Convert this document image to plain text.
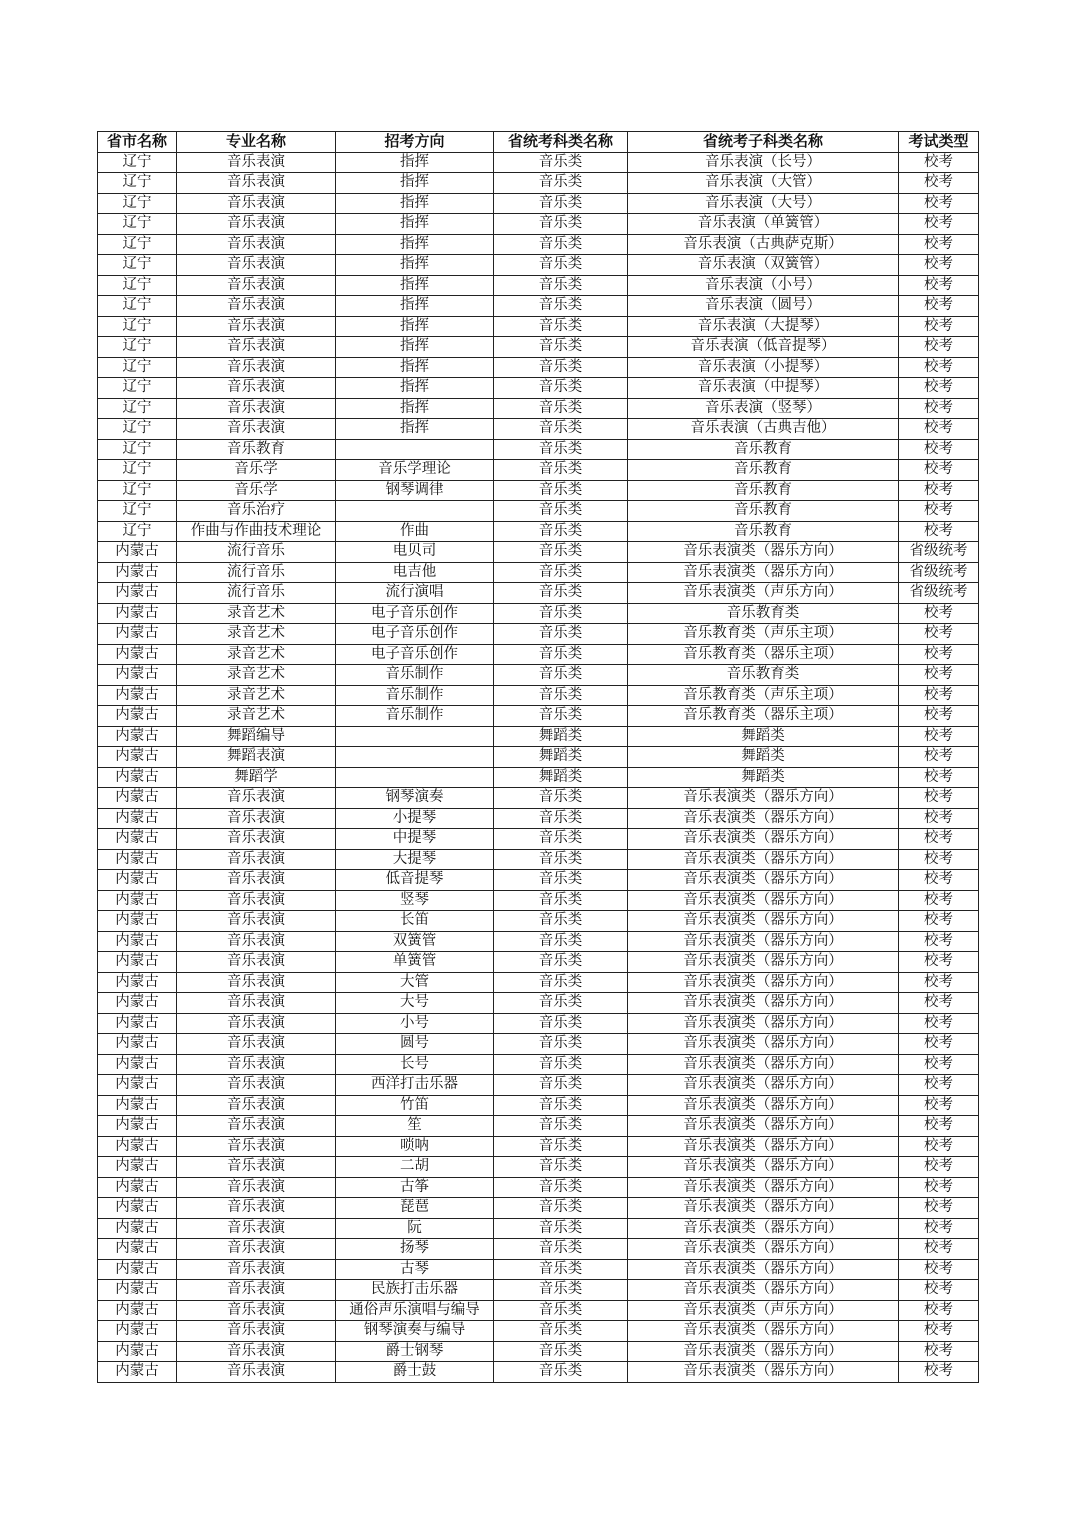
省市名称	专业名称	招考方向	省统考科类名称	省统考子科类名称	考试类型
辽宁	音乐表演	指挥	音乐类	音乐表演（长号）	校考
辽宁	音乐表演	指挥	音乐类	音乐表演（大管）	校考
辽宁	音乐表演	指挥	音乐类	音乐表演（大号）	校考
辽宁	音乐表演	指挥	音乐类	音乐表演（单簧管）	校考
辽宁	音乐表演	指挥	音乐类	音乐表演（古典萨克斯）	校考
辽宁	音乐表演	指挥	音乐类	音乐表演（双簧管）	校考
辽宁	音乐表演	指挥	音乐类	音乐表演（小号）	校考
辽宁	音乐表演	指挥	音乐类	音乐表演（圆号）	校考
辽宁	音乐表演	指挥	音乐类	音乐表演（大提琴）	校考
辽宁	音乐表演	指挥	音乐类	音乐表演（低音提琴）	校考
辽宁	音乐表演	指挥	音乐类	音乐表演（小提琴）	校考
辽宁	音乐表演	指挥	音乐类	音乐表演（中提琴）	校考
辽宁	音乐表演	指挥	音乐类	音乐表演（竖琴）	校考
辽宁	音乐表演	指挥	音乐类	音乐表演（古典吉他）	校考
辽宁	音乐教育		音乐类	音乐教育	校考
辽宁	音乐学	音乐学理论	音乐类	音乐教育	校考
辽宁	音乐学	钢琴调律	音乐类	音乐教育	校考
辽宁	音乐治疗		音乐类	音乐教育	校考
辽宁	作曲与作曲技术理论	作曲	音乐类	音乐教育	校考
内蒙古	流行音乐	电贝司	音乐类	音乐表演类（器乐方向）	省级统考
内蒙古	流行音乐	电吉他	音乐类	音乐表演类（器乐方向）	省级统考
内蒙古	流行音乐	流行演唱	音乐类	音乐表演类（声乐方向）	省级统考
内蒙古	录音艺术	电子音乐创作	音乐类	音乐教育类	校考
内蒙古	录音艺术	电子音乐创作	音乐类	音乐教育类（声乐主项）	校考
内蒙古	录音艺术	电子音乐创作	音乐类	音乐教育类（器乐主项）	校考
内蒙古	录音艺术	音乐制作	音乐类	音乐教育类	校考
内蒙古	录音艺术	音乐制作	音乐类	音乐教育类（声乐主项）	校考
内蒙古	录音艺术	音乐制作	音乐类	音乐教育类（器乐主项）	校考
内蒙古	舞蹈编导		舞蹈类	舞蹈类	校考
内蒙古	舞蹈表演		舞蹈类	舞蹈类	校考
内蒙古	舞蹈学		舞蹈类	舞蹈类	校考
内蒙古	音乐表演	钢琴演奏	音乐类	音乐表演类（器乐方向）	校考
内蒙古	音乐表演	小提琴	音乐类	音乐表演类（器乐方向）	校考
内蒙古	音乐表演	中提琴	音乐类	音乐表演类（器乐方向）	校考
内蒙古	音乐表演	大提琴	音乐类	音乐表演类（器乐方向）	校考
内蒙古	音乐表演	低音提琴	音乐类	音乐表演类（器乐方向）	校考
内蒙古	音乐表演	竖琴	音乐类	音乐表演类（器乐方向）	校考
内蒙古	音乐表演	长笛	音乐类	音乐表演类（器乐方向）	校考
内蒙古	音乐表演	双簧管	音乐类	音乐表演类（器乐方向）	校考
内蒙古	音乐表演	单簧管	音乐类	音乐表演类（器乐方向）	校考
内蒙古	音乐表演	大管	音乐类	音乐表演类（器乐方向）	校考
内蒙古	音乐表演	大号	音乐类	音乐表演类（器乐方向）	校考
内蒙古	音乐表演	小号	音乐类	音乐表演类（器乐方向）	校考
内蒙古	音乐表演	圆号	音乐类	音乐表演类（器乐方向）	校考
内蒙古	音乐表演	长号	音乐类	音乐表演类（器乐方向）	校考
内蒙古	音乐表演	西洋打击乐器	音乐类	音乐表演类（器乐方向）	校考
内蒙古	音乐表演	竹笛	音乐类	音乐表演类（器乐方向）	校考
内蒙古	音乐表演	笙	音乐类	音乐表演类（器乐方向）	校考
内蒙古	音乐表演	唢呐	音乐类	音乐表演类（器乐方向）	校考
内蒙古	音乐表演	二胡	音乐类	音乐表演类（器乐方向）	校考
内蒙古	音乐表演	古筝	音乐类	音乐表演类（器乐方向）	校考
内蒙古	音乐表演	琵琶	音乐类	音乐表演类（器乐方向）	校考
内蒙古	音乐表演	阮	音乐类	音乐表演类（器乐方向）	校考
内蒙古	音乐表演	扬琴	音乐类	音乐表演类（器乐方向）	校考
内蒙古	音乐表演	古琴	音乐类	音乐表演类（器乐方向）	校考
内蒙古	音乐表演	民族打击乐器	音乐类	音乐表演类（器乐方向）	校考
内蒙古	音乐表演	通俗声乐演唱与编导	音乐类	音乐表演类（声乐方向）	校考
内蒙古	音乐表演	钢琴演奏与编导	音乐类	音乐表演类（器乐方向）	校考
内蒙古	音乐表演	爵士钢琴	音乐类	音乐表演类（器乐方向）	校考
内蒙古	音乐表演	爵士鼓	音乐类	音乐表演类（器乐方向）	校考
